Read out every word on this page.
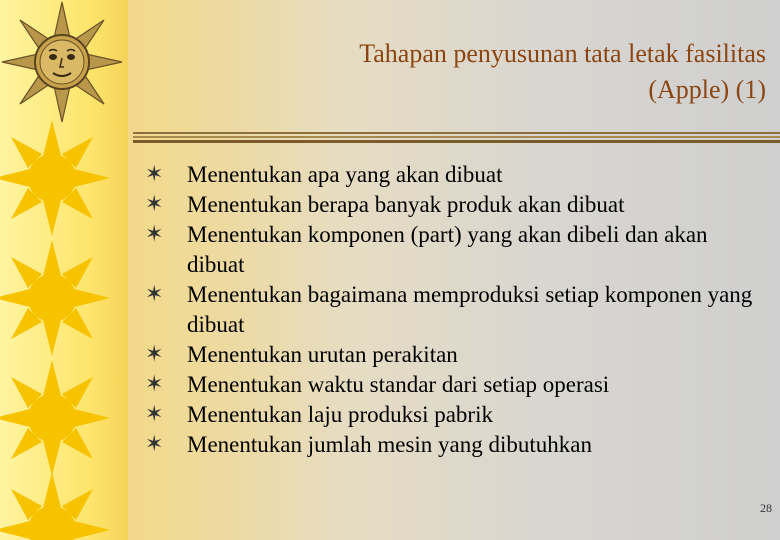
Tahapan penyusunan tata letak fasilitas
(Apple) (1)
✶ Menentukan apa yang akan dibuat
✶ Menentukan berapa banyak produk akan dibuat
✶ Menentukan komponen (part) yang akan dibeli dan akan dibuat
✶ Menentukan bagaimana memproduksi setiap komponen yang dibuat
✶ Menentukan urutan perakitan
✶ Menentukan waktu standar dari setiap operasi
✶ Menentukan laju produksi pabrik
✶ Menentukan jumlah mesin yang dibutuhkan
28
